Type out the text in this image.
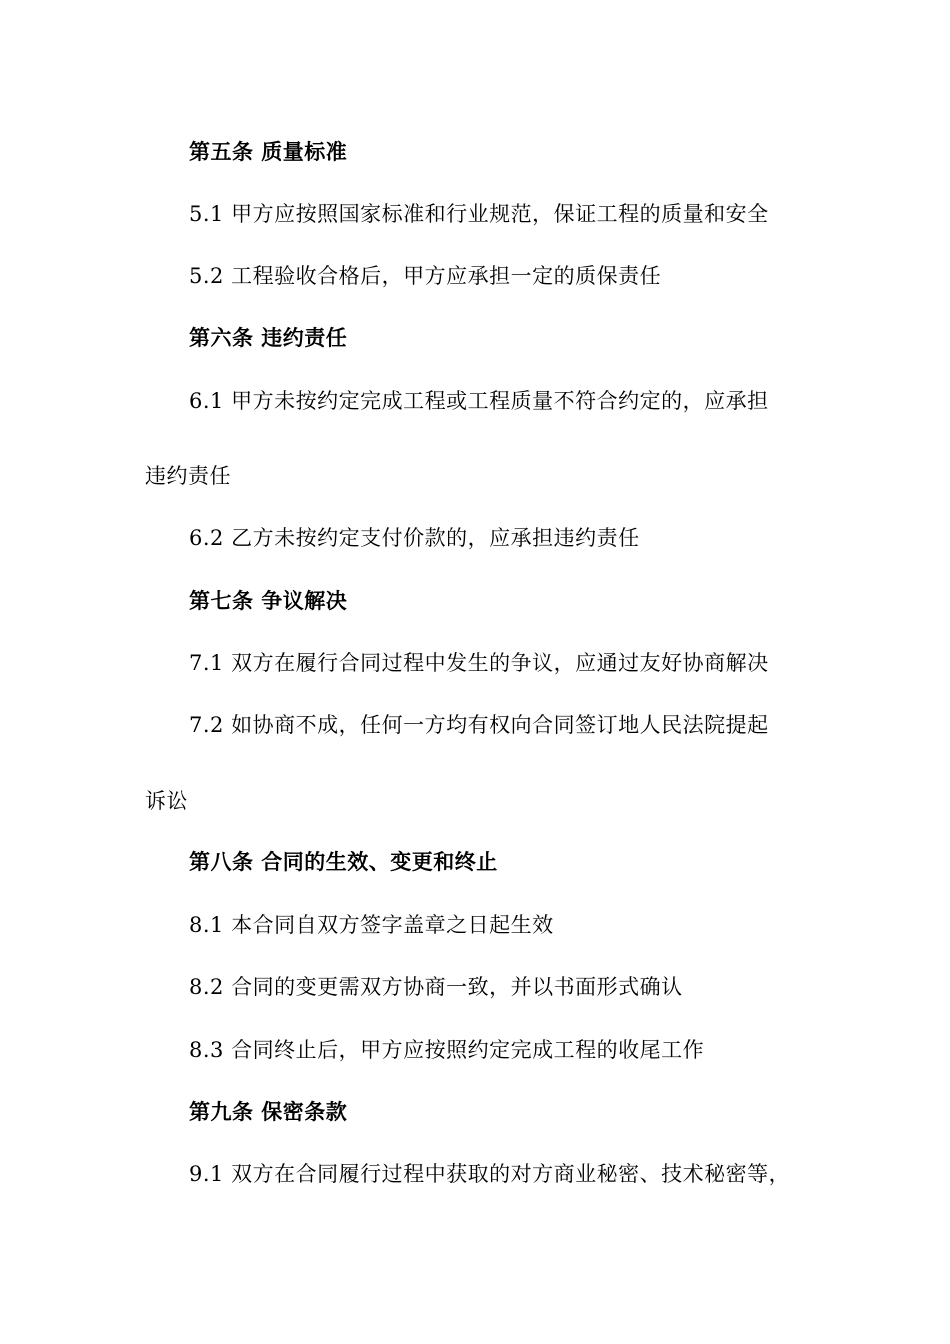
第五条 质量标准
5.1 甲方应按照国家标准和行业规范，保证工程的质量和安全
5.2 工程验收合格后，甲方应承担一定的质保责任
第六条 违约责任
6.1 甲方未按约定完成工程或工程质量不符合约定的，应承担
违约责任
6.2 乙方未按约定支付价款的，应承担违约责任
第七条 争议解决
7.1 双方在履行合同过程中发生的争议，应通过友好协商解决
7.2 如协商不成，任何一方均有权向合同签订地人民法院提起
诉讼
第八条 合同的生效、变更和终止
8.1 本合同自双方签字盖章之日起生效
8.2 合同的变更需双方协商一致，并以书面形式确认
8.3 合同终止后，甲方应按照约定完成工程的收尾工作
第九条 保密条款
9.1 双方在合同履行过程中获取的对方商业秘密、技术秘密等，
